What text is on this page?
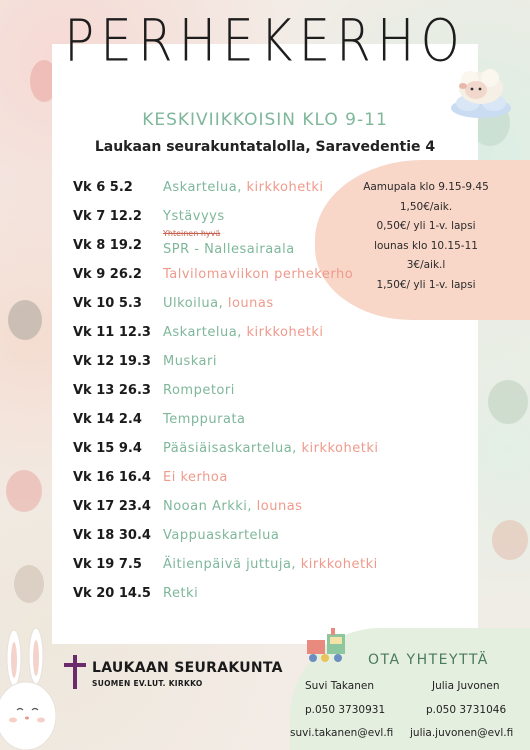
PERHEKERHO
KESKIVIIKKOISIN KLO 9-11
Laukaan seurakuntatalolla, Saravedentie 4
Aamupala klo 9.15-9.45
1,50€/aik.
0,50€/ yli 1-v. lapsi
lounas klo 10.15-11
3€/aik.l
1,50€/ yli 1-v. lapsi
Vk 6 5.2	Askartelua, kirkkohetki
Vk 7 12.2	Ystävyys
Vk 8 19.2
Yhteinen hyvä
SPR - Nallesairaala
Vk 9 26.2	Talvilomaviikon perhekerho
Vk 10 5.3	Ulkoilua, lounas
Vk 11 12.3 Askartelua, kirkkohetki
Vk 12 19.3 Muskari
Vk 13 26.3 Rompetori
Vk 14 2.4	Temppurata
Vk 15 9.4	Pääsiäisaskartelua, kirkkohetki
Vk 16 16.4 Ei kerhoa
Vk 17 23.4 Nooan Arkki, lounas
Vk 18 30.4 Vappuaskartelua
Vk 19 7.5	Äitienpäivä juttuja, kirkkohetki
Vk 20 14.5 Retki
LAUKAAN SEURAKUNTA
SUOMEN EV.LUT. KIRKKO
OTA YHTEYTTÄ
Suvi Takanen
p.050 3730931
suvi.takanen@evl.fi
Julia Juvonen
p.050 3731046
julia.juvonen@evl.fi
